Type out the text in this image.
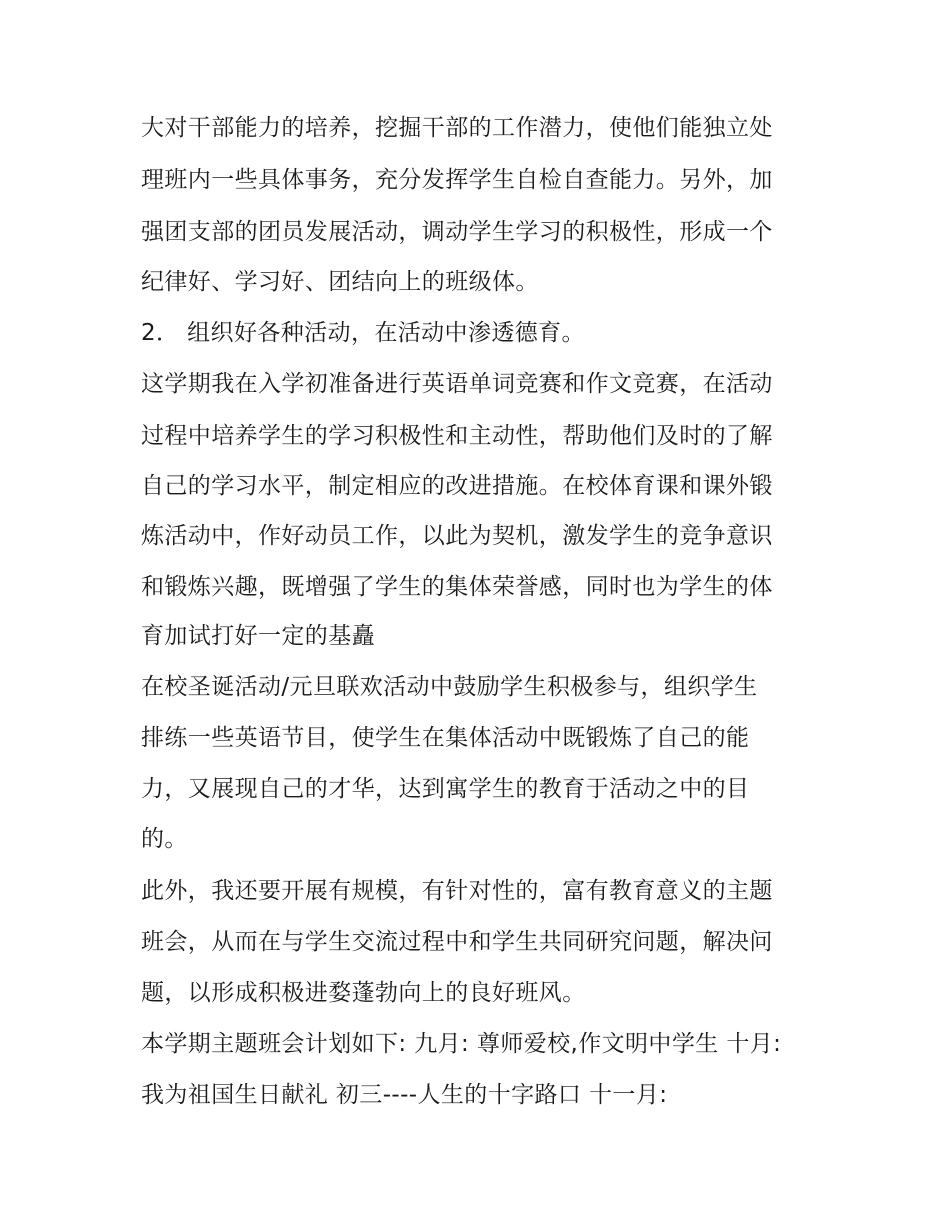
大对干部能力的培养，挖掘干部的工作潜力，使他们能独立处
理班内一些具体事务，充分发挥学生自检自查能力。另外，加
强团支部的团员发展活动，调动学生学习的积极性，形成一个
纪律好、学习好、团结向上的班级体。
2． 组织好各种活动，在活动中渗透德育。
这学期我在入学初准备进行英语单词竞赛和作文竞赛，在活动
过程中培养学生的学习积极性和主动性，帮助他们及时的了解
自己的学习水平，制定相应的改进措施。在校体育课和课外锻
炼活动中，作好动员工作，以此为契机，激发学生的竞争意识
和锻炼兴趣，既增强了学生的集体荣誉感，同时也为学生的体
育加试打好一定的基矗
在校圣诞活动/元旦联欢活动中鼓励学生积极参与，组织学生
排练一些英语节目，使学生在集体活动中既锻炼了自己的能
力，又展现自己的才华，达到寓学生的教育于活动之中的目
的。
此外，我还要开展有规模，有针对性的，富有教育意义的主题
班会，从而在与学生交流过程中和学生共同研究问题，解决问
题，以形成积极进婺蓬勃向上的良好班风。
本学期主题班会计划如下: 九月: 尊师爱校,作文明中学生 十月:
我为祖国生日献礼 初三----人生的十字路口 十一月:
